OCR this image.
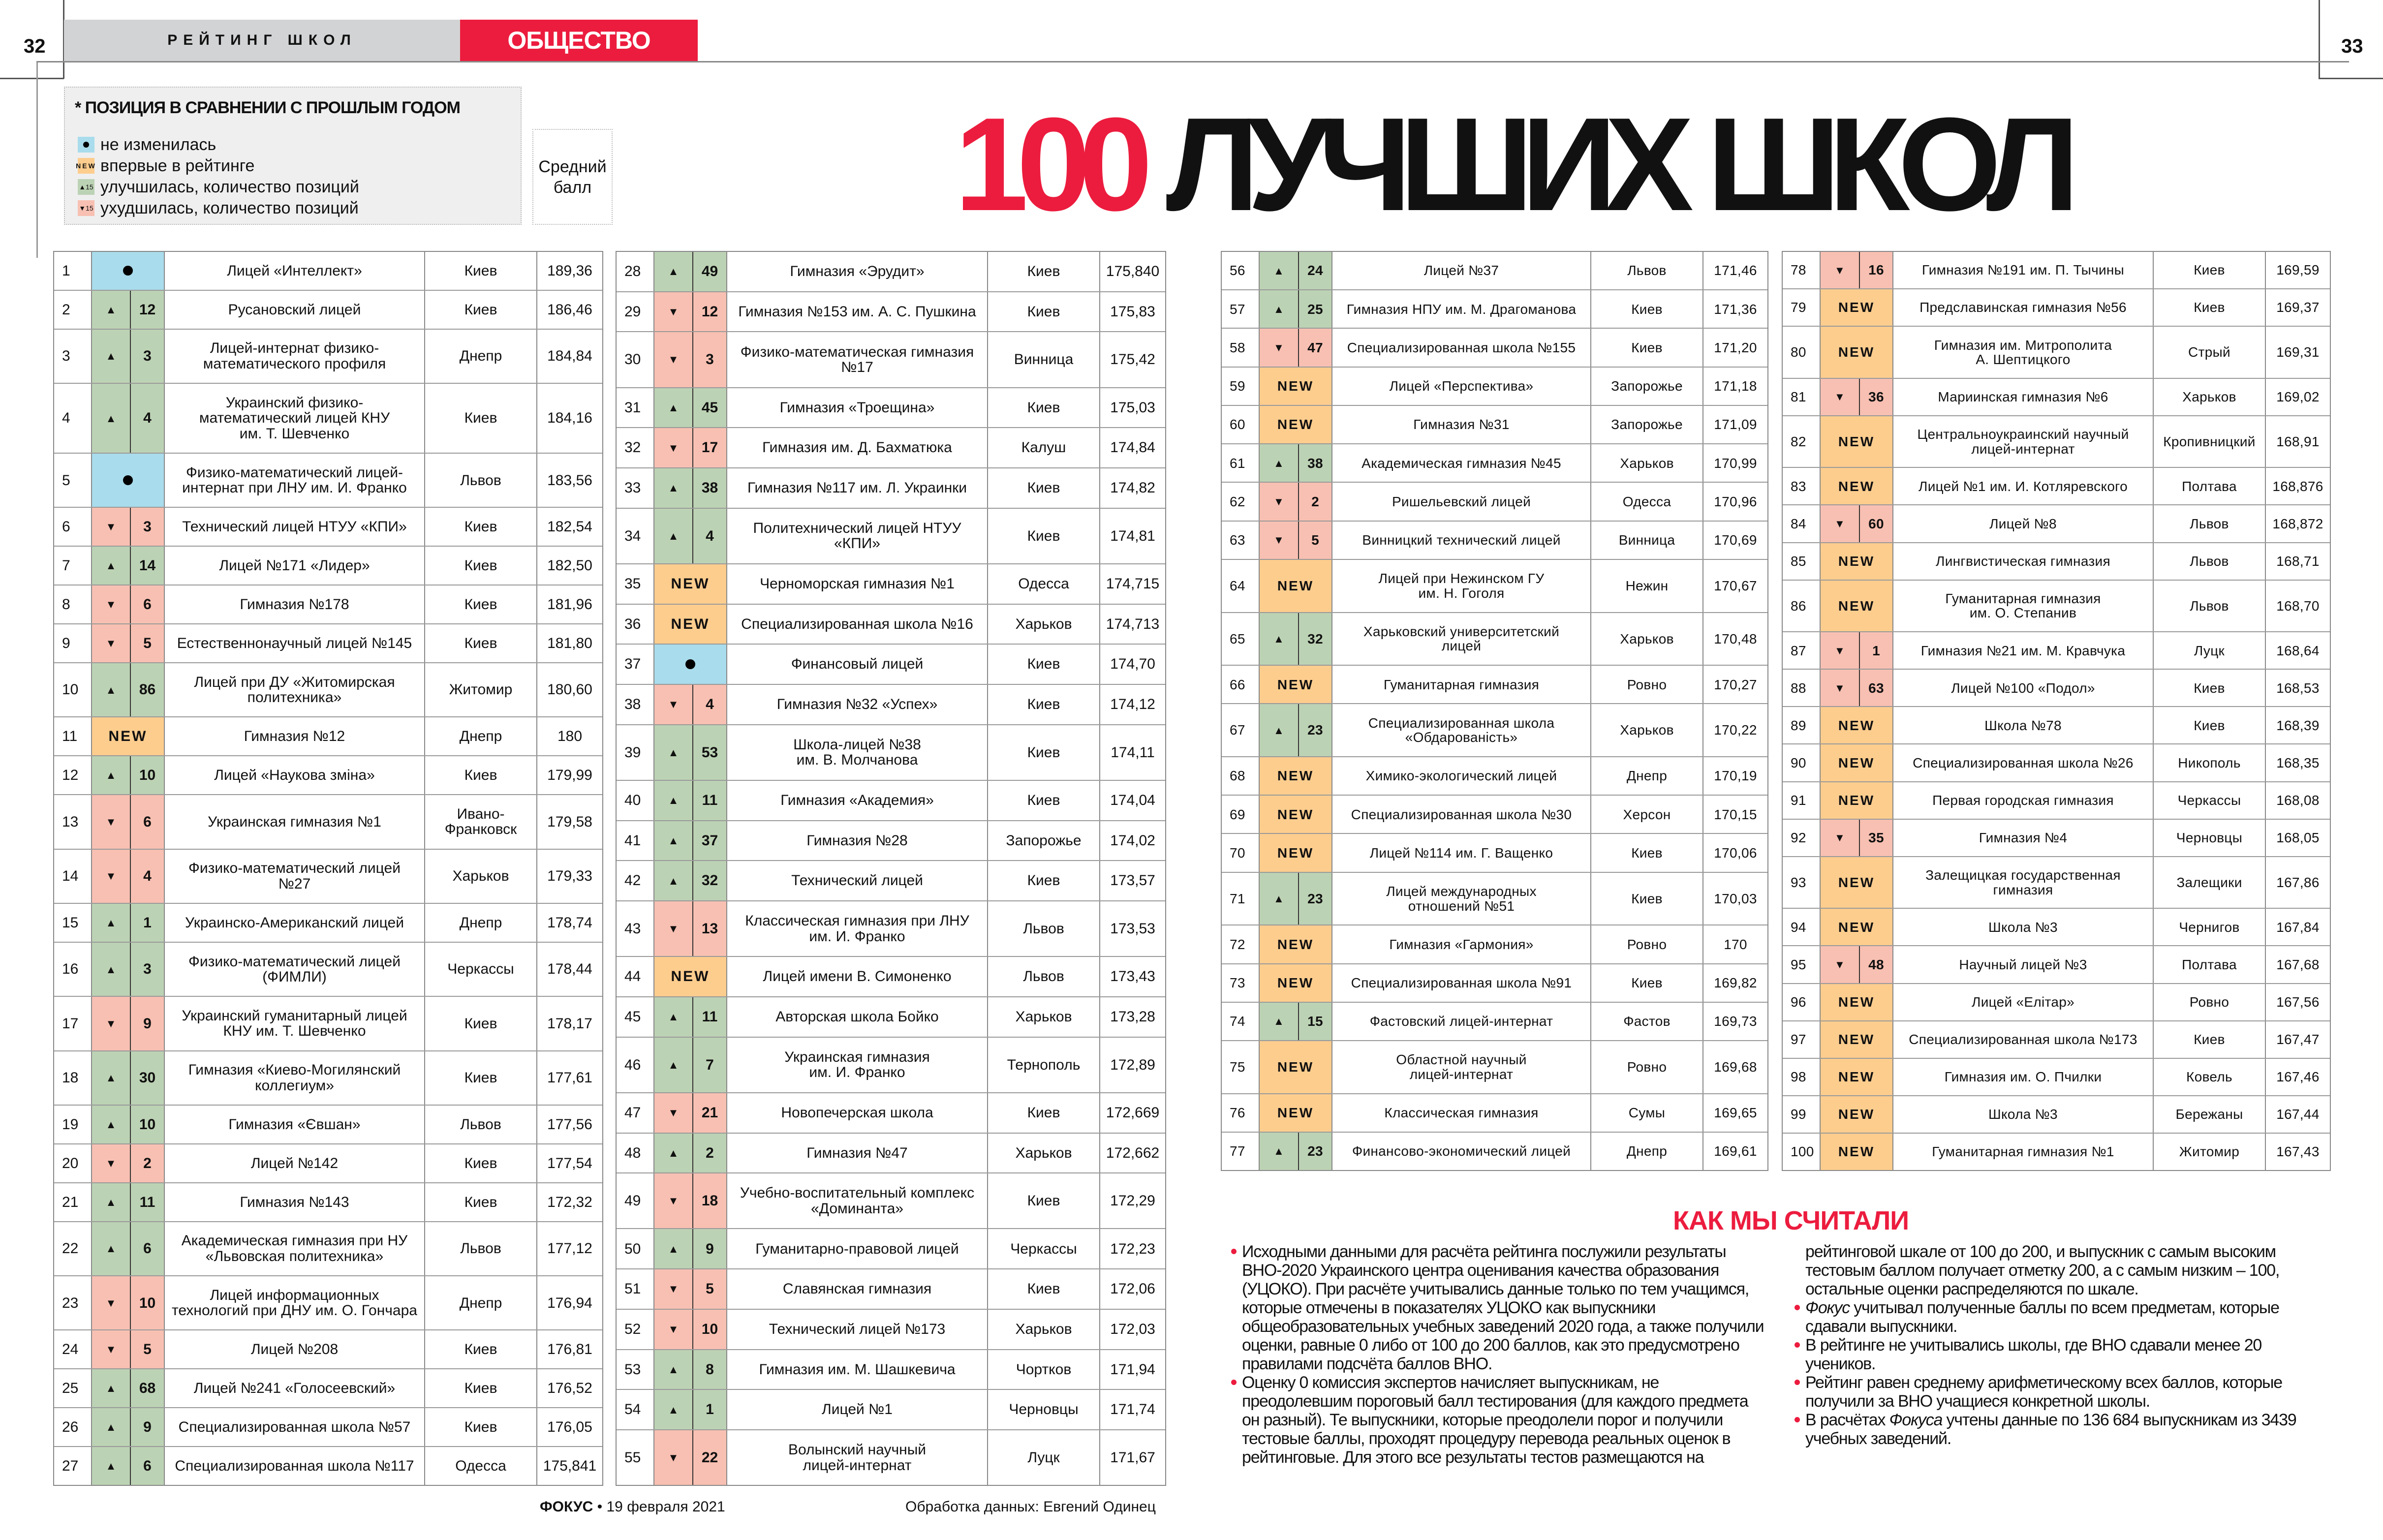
32	33
РЕЙТИНГ ШКОЛ	ОБЩЕСТВО
* ПОЗИЦИЯ В СРАВНЕНИИ С ПРОШЛЫМ ГОДОМ
не изменилась
NEW впервые в рейтинге
▲15 улучшилась, количество позиций
▼15 ухудшилась, количество позиций
Средний
балл	100 ЛУЧШИХ ШКОЛ
1	Лицей «Интеллект»	Киев	189,36
2	▲	12	Русановский лицей	Киев	186,46
3	▲	3	Лицей-интернат физико-
математического профиля	Днепр	184,84
4	▲	4
Украинский физико-
математический лицей КНУ
им. Т. Шевченко
Киев	184,16
5	Физико-математический лицей-
интернат при ЛНУ им. И. Франко	Львов	183,56
6	▼	3	Технический лицей НТУУ «КПИ»	Киев	182,54
7	▲	14	Лицей №171 «Лидер»	Киев	182,50
8	▼	6	Гимназия №178	Киев	181,96
9	▼	5	Естественнонаучный лицей №145	Киев	181,80
10	▲	86	Лицей при ДУ «Житомирская
политехника»	Житомир	180,60
11	NEW	Гимназия №12	Днепр	180
12	▲	10	Лицей «Наукова зміна»	Киев	179,99
13	▼	6	Украинская гимназия №1	Ивано-
Франковск	179,58
14	▼	4	Физико-математический лицей
№27	Харьков	179,33
15	▲	1	Украинско-Американский лицей	Днепр	178,74
16	▲	3	Физико-математический лицей
(ФИМЛИ)	Черкассы	178,44
17	▼	9	Украинский гуманитарный лицей
КНУ им. Т. Шевченко	Киев	178,17
18	▲	30	Гимназия «Киево-Могилянский
коллегиум»	Киев	177,61
19	▲	10	Гимназия «Євшан»	Львов	177,56
20	▼	2	Лицей №142	Киев	177,54
21	▲	11	Гимназия №143	Киев	172,32
22	▲	6	Академическая гимназия при НУ
«Львовская политехника»	Львов	177,12
23	▼	10	Лицей информационных
технологий при ДНУ им. О. Гончара	Днепр	176,94
24	▼	5	Лицей №208	Киев	176,81
25	▲	68	Лицей №241 «Голосеевский»	Киев	176,52
26	▲	9	Специализированная школа №57	Киев	176,05
27	▲	6	Специализированная школа №117	Одесса	175,841
28	▲	49	Гимназия «Эрудит»	Киев	175,840
29	▼	12	Гимназия №153 им. А. С. Пушкина	Киев	175,83
30	▼	3	Физико-математическая гимназия
№17	Винница	175,42
31	▲	45	Гимназия «Троещина»	Киев	175,03
32	▼	17	Гимназия им. Д. Бахматюка	Калуш	174,84
33	▲	38	Гимназия №117 им. Л. Украинки	Киев	174,82
34	▲	4	Политехнический лицей НТУУ
«КПИ»	Киев	174,81
35	NEW	Черноморская гимназия №1	Одесса	174,715
36	NEW	Специализированная школа №16	Харьков	174,713
37	Финансовый лицей	Киев	174,70
38	▼	4	Гимназия №32 «Успех»	Киев	174,12
39	▲	53	Школа-лицей №38
им. В. Молчанова	Киев	174,11
40	▲	11	Гимназия «Академия»	Киев	174,04
41	▲	37	Гимназия №28	Запорожье	174,02
42	▲	32	Технический лицей	Киев	173,57
43	▼	13	Классическая гимназия при ЛНУ
им. И. Франко	Львов	173,53
44	NEW	Лицей имени В. Симоненко	Львов	173,43
45	▲	11	Авторская школа Бойко	Харьков	173,28
46	▲	7	Украинская гимназия
им. И. Франко	Тернополь	172,89
47	▼	21	Новопечерская школа	Киев	172,669
48	▲	2	Гимназия №47	Харьков	172,662
49	▼	18	Учебно-воспитательный комплекс
«Доминанта»	Киев	172,29
50	▲	9	Гуманитарно-правовой лицей	Черкассы	172,23
51	▼	5	Славянская гимназия	Киев	172,06
52	▼	10	Технический лицей №173	Харьков	172,03
53	▲	8	Гимназия им. М. Шашкевича	Чортков	171,94
54	▲	1	Лицей №1	Черновцы	171,74
55	▼	22	Волынский научный
лицей-интернат	Луцк	171,67
56	▲	24	Лицей №37	Львов	171,46
57	▲	25	Гимназия НПУ им. М. Драгоманова	Киев	171,36
58	▼	47	Специализированная школа №155	Киев	171,20
59	NEW	Лицей «Перспектива»	Запорожье	171,18
60	NEW	Гимназия №31	Запорожье	171,09
61	▲	38	Академическая гимназия №45	Харьков	170,99
62	▼	2	Ришельевский лицей	Одесса	170,96
63	▼	5	Винницкий технический лицей	Винница	170,69
64	NEW	Лицей при Нежинском ГУ
им. Н. Гоголя	Нежин	170,67
65	▲	32	Харьковский университетский
лицей	Харьков	170,48
66	NEW	Гуманитарная гимназия	Ровно	170,27
67	▲	23	Специализированная школа
«Обдарованість»	Харьков	170,22
68	NEW	Химико-экологический лицей	Днепр	170,19
69	NEW	Специализированная школа №30	Херсон	170,15
70	NEW	Лицей №114 им. Г. Ващенко	Киев	170,06
71	▲	23	Лицей международных
отношений №51	Киев	170,03
72	NEW	Гимназия «Гармония»	Ровно	170
73	NEW	Специализированная школа №91	Киев	169,82
74	▲	15	Фастовский лицей-интернат	Фастов	169,73
75	NEW	Областной научный
лицей-интернат	Ровно	169,68
76	NEW	Классическая гимназия	Сумы	169,65
77	▲	23	Финансово-экономический лицей	Днепр	169,61
78	▼	16	Гимназия №191 им. П. Тычины	Киев	169,59
79	NEW	Предславинская гимназия №56	Киев	169,37
80	NEW	Гимназия им. Митрополита
А. Шептицкого	Стрый	169,31
81	▼	36	Мариинская гимназия №6	Харьков	169,02
82	NEW	Центральноукраинский научный
лицей-интернат	Кропивницкий	168,91
83	NEW	Лицей №1 им. И. Котляревского	Полтава	168,876
84	▼	60	Лицей №8	Львов	168,872
85	NEW	Лингвистическая гимназия	Львов	168,71
86	NEW	Гуманитарная гимназия
им. О. Степанив	Львов	168,70
87	▼	1	Гимназия №21 им. М. Кравчука	Луцк	168,64
88	▼	63	Лицей №100 «Подол»	Киев	168,53
89	NEW	Школа №78	Киев	168,39
90	NEW	Специализированная школа №26	Никополь	168,35
91	NEW	Первая городская гимназия	Черкассы	168,08
92	▼	35	Гимназия №4	Черновцы	168,05
93	NEW	Залещицкая государственная
гимназия	Залещики	167,86
94	NEW	Школа №3	Чернигов	167,84
95	▼	48	Научный лицей №3	Полтава	167,68
96	NEW	Лицей «Елітар»	Ровно	167,56
97	NEW	Специализированная школа №173	Киев	167,47
98	NEW	Гимназия им. О. Пчилки	Ковель	167,46
99	NEW	Школа №3	Бережаны	167,44
100	NEW	Гуманитарная гимназия №1	Житомир	167,43
КАК МЫ СЧИТАЛИ

Исходными данными для расчёта рейтинга послужили результаты ВНО-2020 Украинского центра оценивания качества образования (УЦОКО). При расчёте учитывались данные только по тем учащимся, которые отмечены в показателях УЦОКО как выпускники общеобразовательных учебных заведений 2020 года, а также получили оценки, равные 0 либо от 100 до 200 баллов, как это предусмотрено правилами подсчёта баллов ВНО.

Оценку 0 комиссия экспертов начисляет выпускникам, не преодолевшим пороговый балл тестирования (для каждого предмета он разный). Те выпускники, которые преодолели порог и получили тестовые баллы, проходят процедуру перевода реальных оценок в рейтинговые. Для этого все результаты тестов размещаются на рейтинговой шкале от 100 до 200, и выпускник с самым высоким тестовым баллом получает отметку 200, а с самым низким – 100, остальные оценки распределяются по шкале.

Фокус учитывал полученные баллы по всем предметам, которые сдавали выпускники.

В рейтинге не учитывались школы, где ВНО сдавали менее 20 учеников.

Рейтинг равен среднему арифметическому всех баллов, которые получили за ВНО учащиеся конкретной школы.

В расчётах Фокуса учтены данные по 136 684 выпускникам из 3439 учебных заведений.

ФОКУС • 19 февраля 2021	Обработка данных: Евгений Одинец
